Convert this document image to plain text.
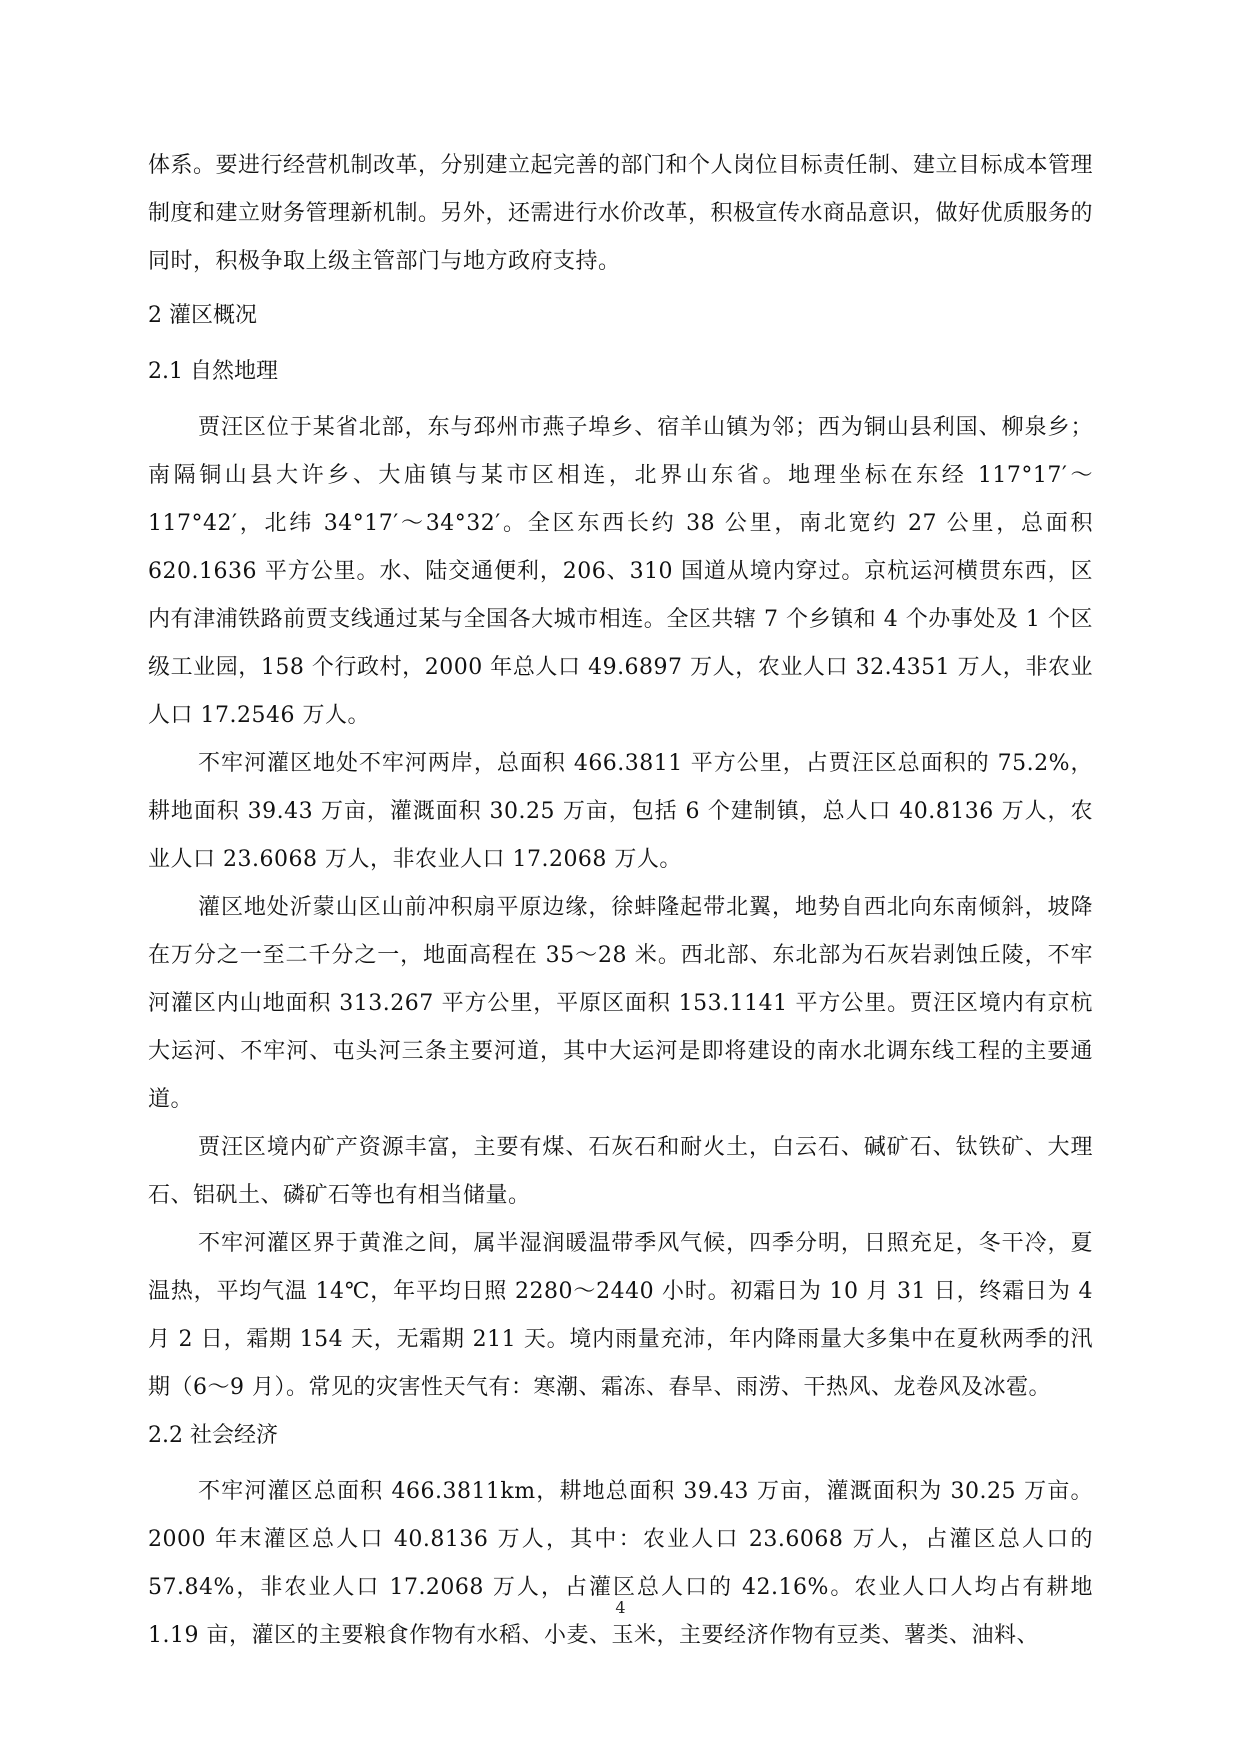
体系。要进行经营机制改革，分别建立起完善的部门和个人岗位目标责任制、建立目标成本管理制度和建立财务管理新机制。另外，还需进行水价改革，积极宣传水商品意识，做好优质服务的同时，积极争取上级主管部门与地方政府支持。

2 灌区概况

2.1 自然地理

贾汪区位于某省北部，东与邳州市燕子埠乡、宿羊山镇为邻；西为铜山县利国、柳泉乡；南隔铜山县大许乡、大庙镇与某市区相连，北界山东省。地理坐标在东经 117°17′～117°42′，北纬 34°17′～34°32′。全区东西长约 38 公里，南北宽约 27 公里，总面积 620.1636 平方公里。水、陆交通便利，206、310 国道从境内穿过。京杭运河横贯东西，区内有津浦铁路前贾支线通过某与全国各大城市相连。全区共辖 7 个乡镇和 4 个办事处及 1 个区级工业园，158 个行政村，2000 年总人口 49.6897 万人，农业人口 32.4351 万人，非农业人口 17.2546 万人。

不牢河灌区地处不牢河两岸，总面积 466.3811 平方公里，占贾汪区总面积的 75.2%，耕地面积 39.43 万亩，灌溉面积 30.25 万亩，包括 6 个建制镇，总人口 40.8136 万人，农业人口 23.6068 万人，非农业人口 17.2068 万人。

灌区地处沂蒙山区山前冲积扇平原边缘，徐蚌隆起带北翼，地势自西北向东南倾斜，坡降在万分之一至二千分之一，地面高程在 35～28 米。西北部、东北部为石灰岩剥蚀丘陵，不牢河灌区内山地面积 313.267 平方公里，平原区面积 153.1141 平方公里。贾汪区境内有京杭大运河、不牢河、屯头河三条主要河道，其中大运河是即将建设的南水北调东线工程的主要通道。

贾汪区境内矿产资源丰富，主要有煤、石灰石和耐火土，白云石、碱矿石、钛铁矿、大理石、铝矾土、磷矿石等也有相当储量。

不牢河灌区界于黄淮之间，属半湿润暖温带季风气候，四季分明，日照充足，冬干冷，夏温热，平均气温 14℃，年平均日照 2280～2440 小时。初霜日为 10 月 31 日，终霜日为 4 月 2 日，霜期 154 天，无霜期 211 天。境内雨量充沛，年内降雨量大多集中在夏秋两季的汛期（6～9 月）。常见的灾害性天气有：寒潮、霜冻、春旱、雨涝、干热风、龙卷风及冰雹。

2.2 社会经济

不牢河灌区总面积 466.3811km，耕地总面积 39.43 万亩，灌溉面积为 30.25 万亩。2000 年末灌区总人口 40.8136 万人，其中：农业人口 23.6068 万人，占灌区总人口的 57.84%，非农业人口 17.2068 万人，占灌区总人口的 42.16%。农业人口人均占有耕地 1.19 亩，灌区的主要粮食作物有水稻、小麦、玉米，主要经济作物有豆类、薯类、油料、

4
